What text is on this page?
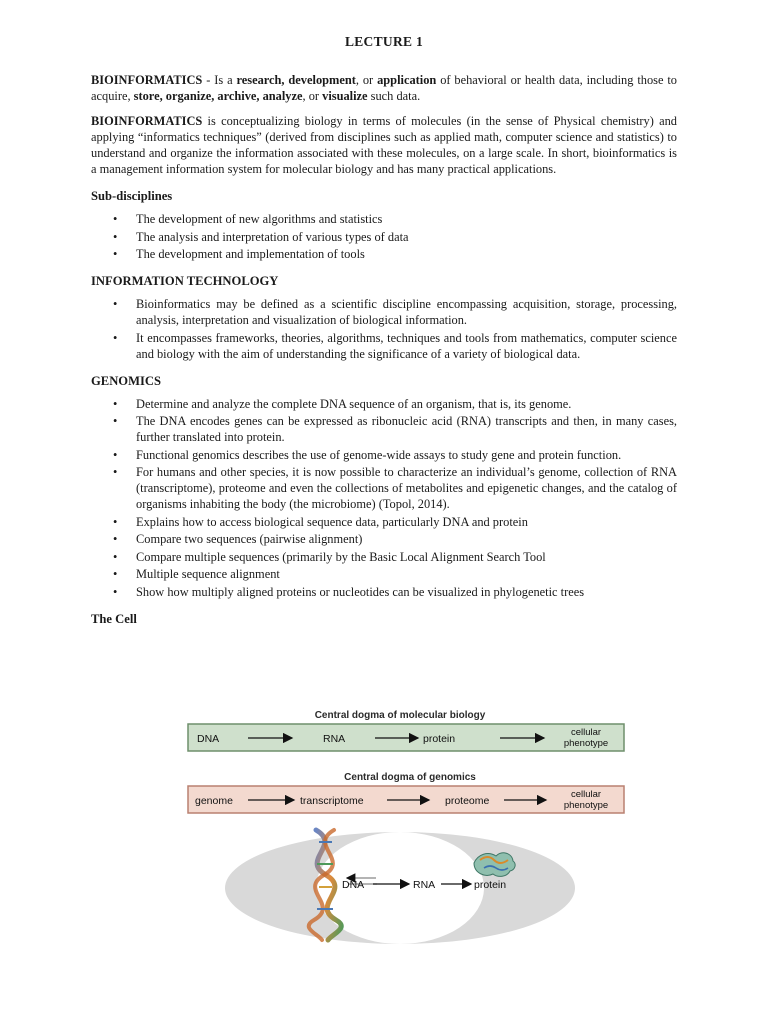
LECTURE 1

BIOINFORMATICS - Is a research, development, or application of behavioral or health data, including those to acquire, store, organize, archive, analyze, or visualize such data.

BIOINFORMATICS is conceptualizing biology in terms of molecules (in the sense of Physical chemistry) and applying “informatics techniques” (derived from disciplines such as applied math, computer science and statistics) to understand and organize the information associated with these molecules, on a large scale. In short, bioinformatics is a management information system for molecular biology and has many practical applications.

Sub-disciplines
• The development of new algorithms and statistics
• The analysis and interpretation of various types of data
• The development and implementation of tools
INFORMATION TECHNOLOGY
• Bioinformatics may be defined as a scientific discipline encompassing acquisition, storage, processing, analysis, interpretation and visualization of biological information.
• It encompasses frameworks, theories, algorithms, techniques and tools from mathematics, computer science and biology with the aim of understanding the significance of a variety of biological data.
GENOMICS
• Determine and analyze the complete DNA sequence of an organism, that is, its genome.
• The DNA encodes genes can be expressed as ribonucleic acid (RNA) transcripts and then, in many cases, further translated into protein.
• Functional genomics describes the use of genome-wide assays to study gene and protein function.
• For humans and other species, it is now possible to characterize an individual’s genome, collection of RNA (transcriptome), proteome and even the collections of metabolites and epigenetic changes, and the catalog of organisms inhabiting the body (the microbiome) (Topol, 2014).
• Explains how to access biological sequence data, particularly DNA and protein
• Compare two sequences (pairwise alignment)
• Compare multiple sequences (primarily by the Basic Local Alignment Search Tool
• Multiple sequence alignment
• Show how multiply aligned proteins or nucleotides can be visualized in phylogenetic trees
The Cell
Central dogma of molecular biology
DNA	RNA	protein
cellular
phenotype
Central dogma of genomics
genome	transcriptome	proteome
cellular
phenotype
DNA	RNA	protein
